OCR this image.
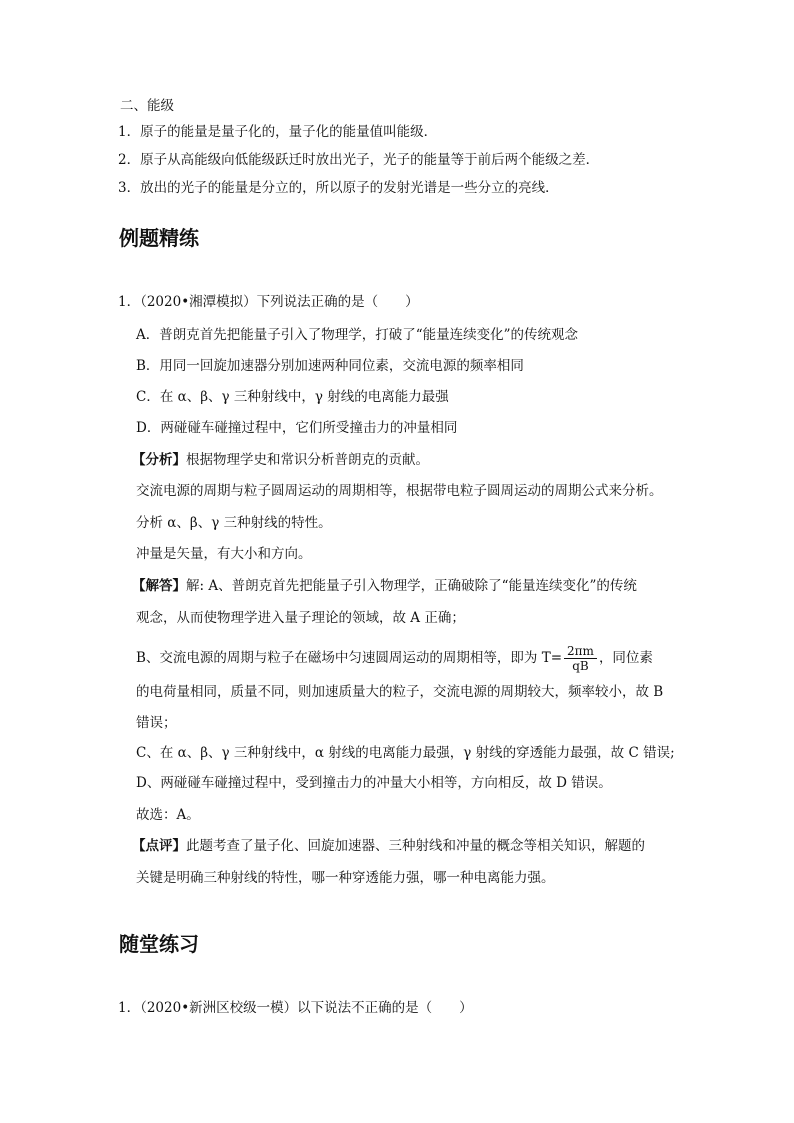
二、能级
1．原子的能量是量子化的，量子化的能量值叫能级．
2．原子从高能级向低能级跃迁时放出光子，光子的能量等于前后两个能级之差．
3．放出的光子的能量是分立的，所以原子的发射光谱是一些分立的亮线．
例题精练
1．（2020•湘潭模拟）下列说法正确的是（　　）
A．普朗克首先把能量子引入了物理学，打破了“能量连续变化”的传统观念
B．用同一回旋加速器分别加速两种同位素，交流电源的频率相同
C．在 α、β、γ 三种射线中，γ 射线的电离能力最强
D．两碰碰车碰撞过程中，它们所受撞击力的冲量相同
【分析】根据物理学史和常识分析普朗克的贡献。
交流电源的周期与粒子圆周运动的周期相等，根据带电粒子圆周运动的周期公式来分析。
分析 α、β、γ 三种射线的特性。
冲量是矢量，有大小和方向。
【解答】解: A、普朗克首先把能量子引入物理学，正确破除了“能量连续变化”的传统
观念，从而使物理学进入量子理论的领域，故 A 正确；
B、交流电源的周期与粒子在磁场中匀速圆周运动的周期相等，即为 $T= \frac{2\pi m}{qB}$ ，同位素
的电荷量相同，质量不同，则加速质量大的粒子，交流电源的周期较大，频率较小，故 B
错误；
C、在 α、β、γ 三种射线中，α 射线的电离能力最强，γ 射线的穿透能力最强，故 C 错误;
D、两碰碰车碰撞过程中，受到撞击力的冲量大小相等，方向相反，故 D 错误。
故选：A。
【点评】此题考查了量子化、回旋加速器、三种射线和冲量的概念等相关知识，解题的
关键是明确三种射线的特性，哪一种穿透能力强，哪一种电离能力强。
随堂练习
1．（2020•新洲区校级一模）以下说法不正确的是（　　）
